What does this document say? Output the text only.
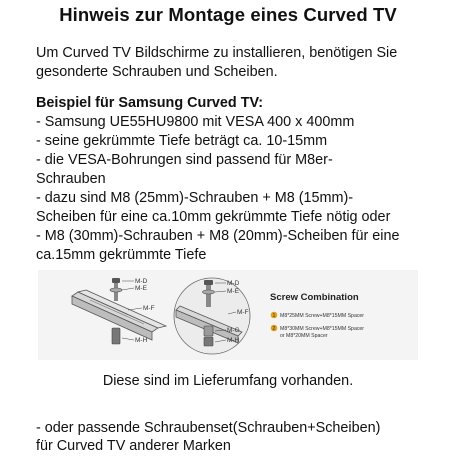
Hinweis zur Montage eines Curved TV
Um Curved TV Bildschirme zu installieren, benötigen Sie
gesonderte Schrauben und Scheiben.
Beispiel für Samsung Curved TV:
- Samsung UE55HU9800 mit VESA 400 x 400mm
- seine gekrümmte Tiefe beträgt ca. 10-15mm
- die VESA-Bohrungen sind passend für M8er-
Schrauben
- dazu sind M8 (25mm)-Schrauben + M8 (15mm)-
Scheiben für eine ca.10mm gekrümmte Tiefe nötig oder
- M8 (30mm)-Schrauben + M8 (20mm)-Scheiben für eine
ca.15mm gekrümmte Tiefe
M-D
M-E
M-F
M-H
M-D
M-E
M-F
M-G
M-H
Screw Combination
1 M8*25MM Screw+M8*15MM Spacer
2 M8*30MM Screw+M8*15MM Spacer
or M8*20MM Spacer
Diese sind im Lieferumfang vorhanden.
- oder passende Schraubenset(Schrauben+Scheiben)
für Curved TV anderer Marken
